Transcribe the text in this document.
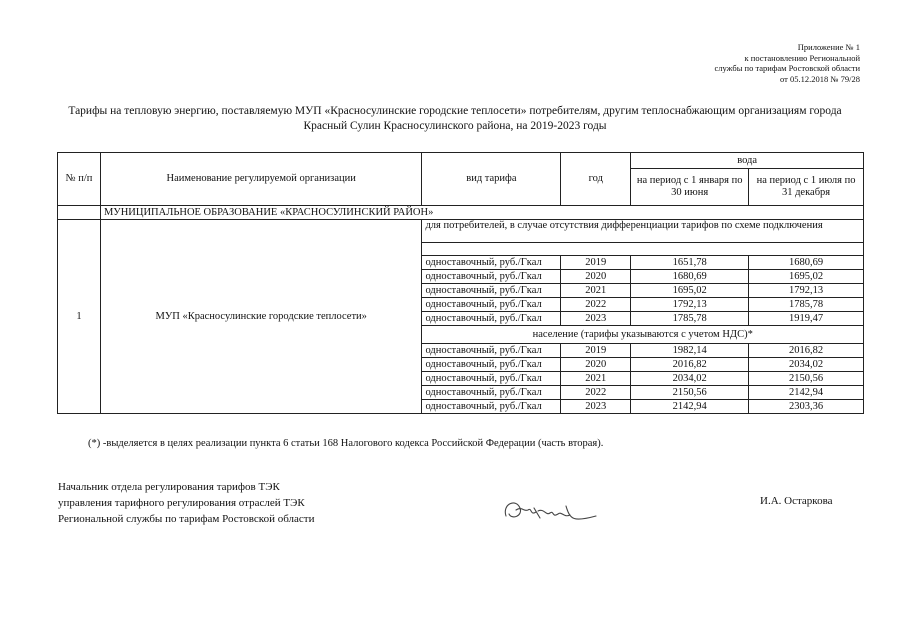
Приложение № 1
к постановлению Региональной
службы по тарифам Ростовской области
от 05.12.2018 № 79/28
Тарифы на тепловую энергию, поставляемую МУП «Красносулинские городские теплосети» потребителям, другим теплоснабжающим организациям города
Красный Сулин Красносулинского района, на 2019-2023 годы
№ п/п	Наименование регулируемой организации	вид тарифа	год	вода	
				на период с 1 января по 30 июня	на период с 1 июля по 31 декабря
	МУНИЦИПАЛЬНОЕ ОБРАЗОВАНИЕ «КРАСНОСУЛИНСКИЙ РАЙОН»				
1	МУП «Красносулинские городские теплосети»	для потребителей, в случае отсутствия дифференциации тарифов по схеме подключения			

		одноставочный, руб./Гкал	2019	1651,78	1680,69
		одноставочный, руб./Гкал	2020	1680,69	1695,02
		одноставочный, руб./Гкал	2021	1695,02	1792,13
		одноставочный, руб./Гкал	2022	1792,13	1785,78
		одноставочный, руб./Гкал	2023	1785,78	1919,47
		население (тарифы указываются с учетом НДС)*			
		одноставочный, руб./Гкал	2019	1982,14	2016,82
		одноставочный, руб./Гкал	2020	2016,82	2034,02
		одноставочный, руб./Гкал	2021	2034,02	2150,56
		одноставочный, руб./Гкал	2022	2150,56	2142,94
		одноставочный, руб./Гкал	2023	2142,94	2303,36
(*) -выделяется в целях реализации пункта 6 статьи 168 Налогового кодекса Российской Федерации (часть вторая).
Начальник отдела регулирования тарифов ТЭК
управления тарифного регулирования отраслей ТЭК
Региональной службы по тарифам Ростовской области
И.А. Остаркова
